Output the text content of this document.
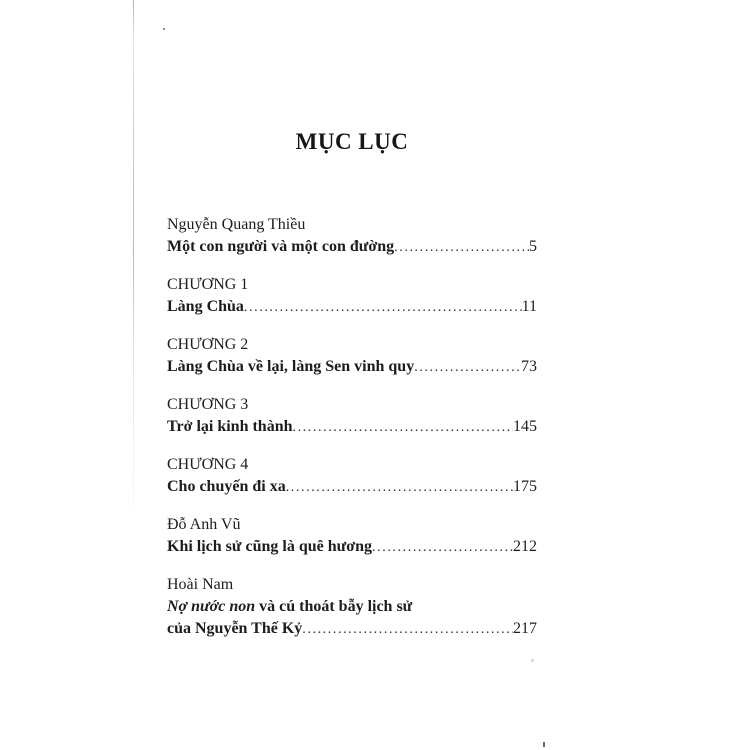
MỤC LỤC
Nguyễn Quang Thiều
Một con người và một con đường .....	5
CHƯƠNG 1
Làng Chùa .....	11
CHƯƠNG 2
Làng Chùa về lại, làng Sen vinh quy .....	73
CHƯƠNG 3
Trở lại kinh thành .....	145
CHƯƠNG 4
Cho chuyến đi xa .....	175
Đỗ Anh Vũ
Khi lịch sử cũng là quê hương .....	212
Hoài Nam
Nợ nước non và cú thoát bẫy lịch sử
của Nguyễn Thế Kỷ .....	217
